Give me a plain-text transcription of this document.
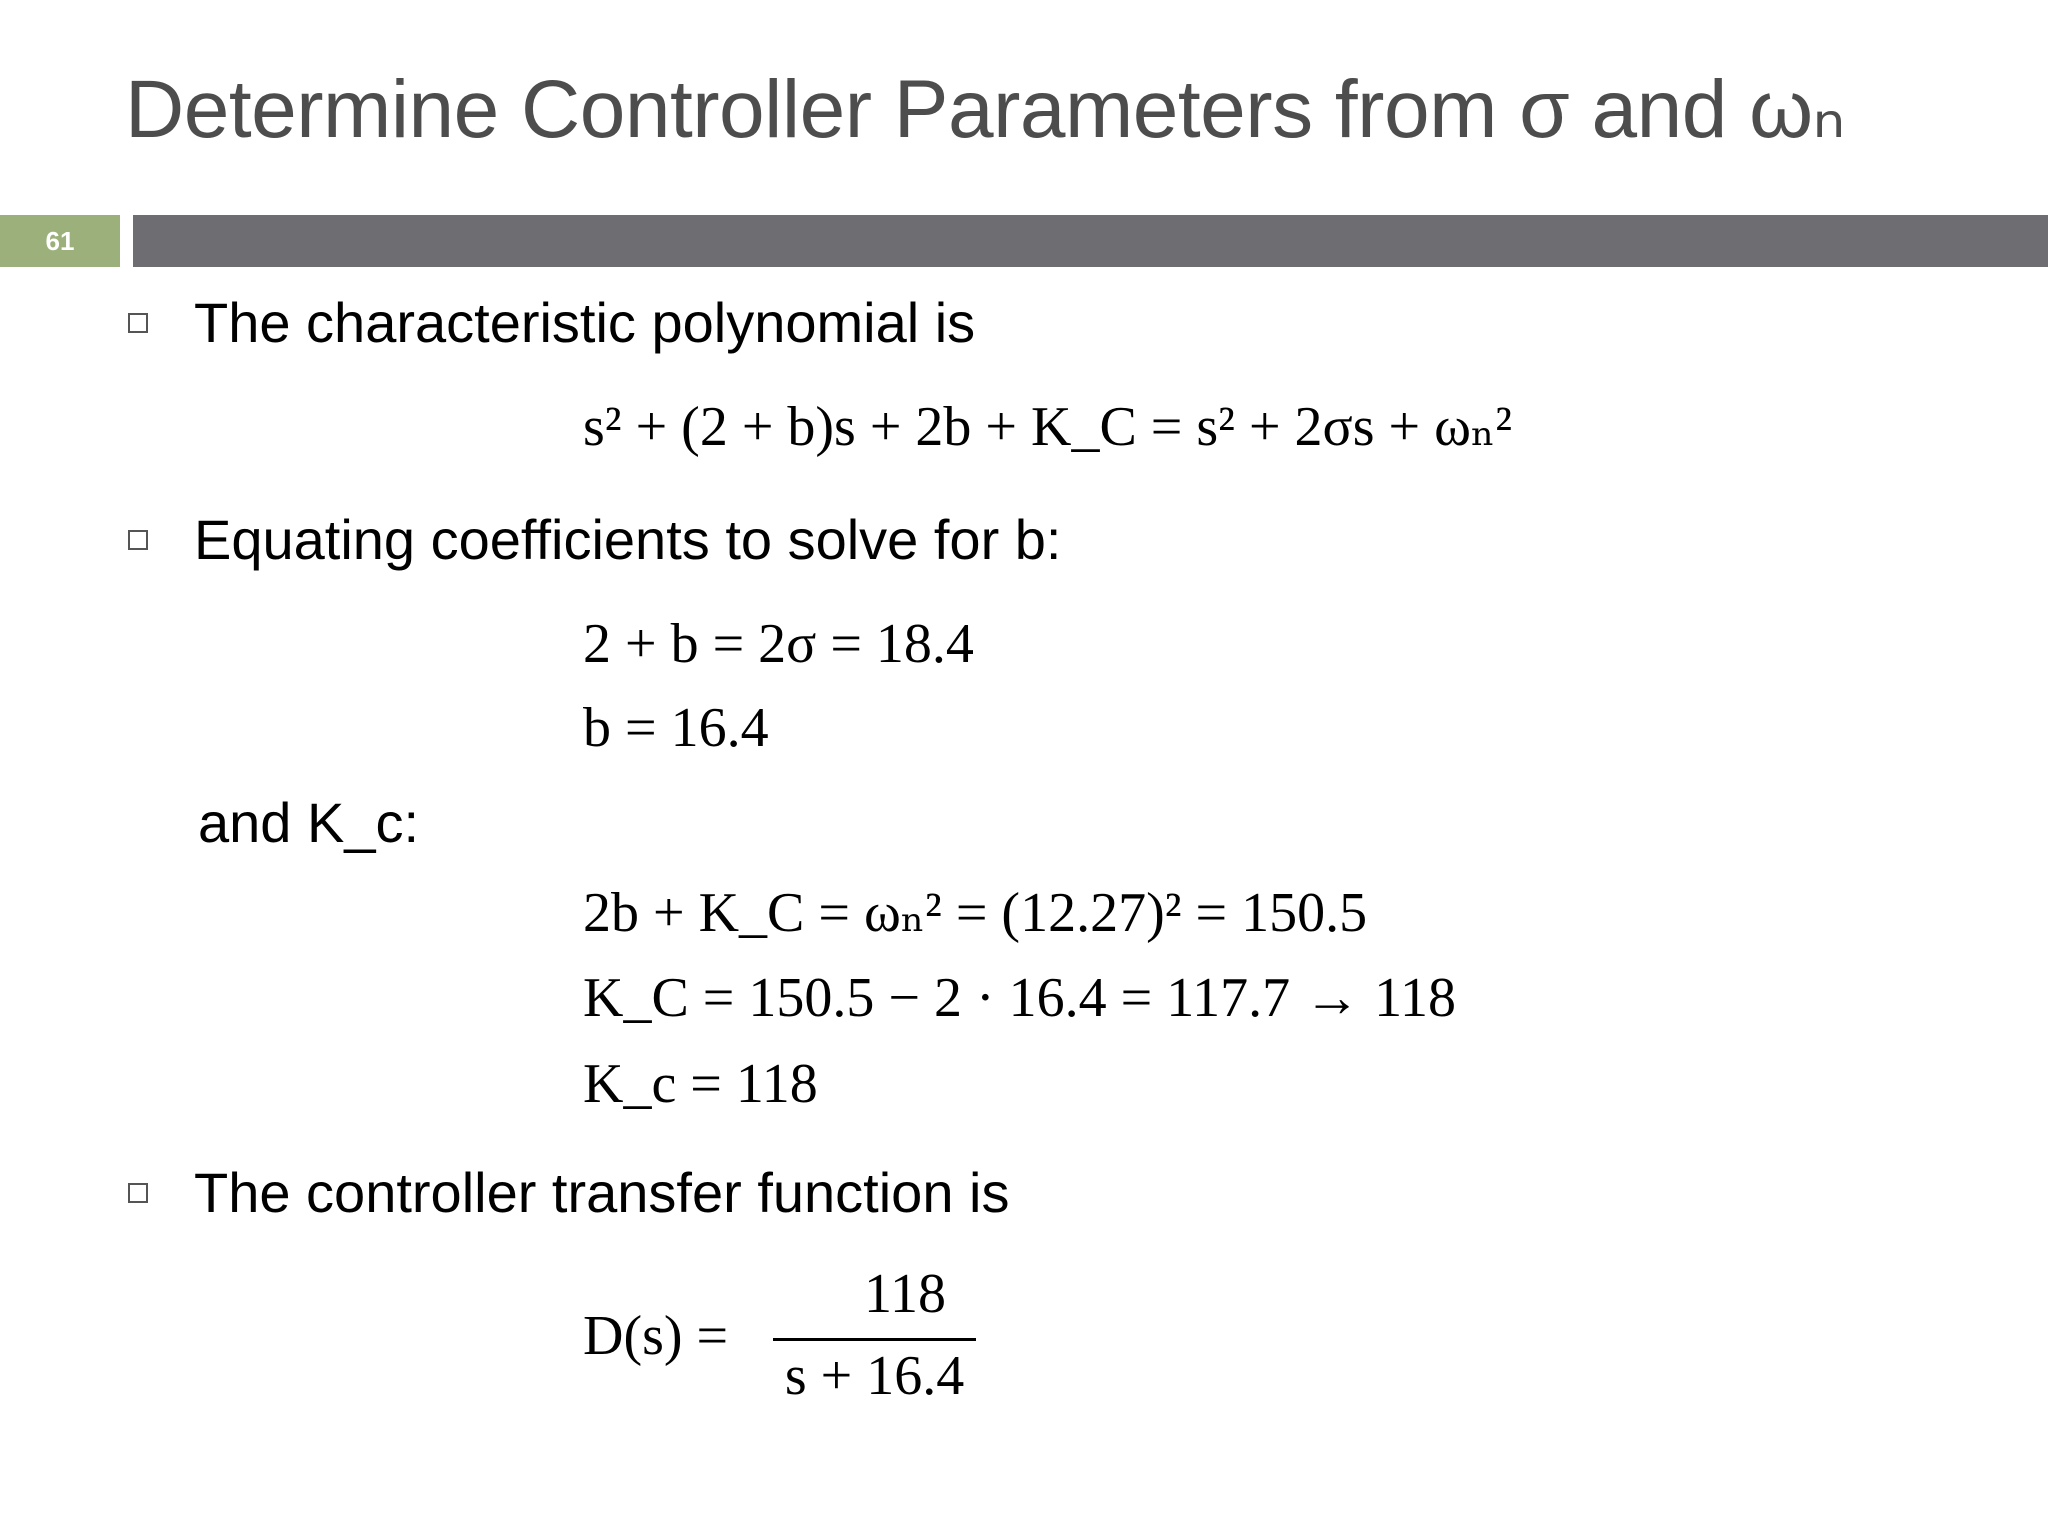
Determine Controller Parameters from σ and ωₙ
61
The characteristic polynomial is
s² + (2 + b)s + 2b + K_C = s² + 2σs + ωₙ²
Equating coefficients to solve for b:
2 + b = 2σ = 18.4
b = 16.4
and K_c:
2b + K_C = ωₙ² = (12.27)² = 150.5
K_C = 150.5 − 2 · 16.4 = 117.7 → 118
K_c = 118
The controller transfer function is
D(s) =
118
s + 16.4
